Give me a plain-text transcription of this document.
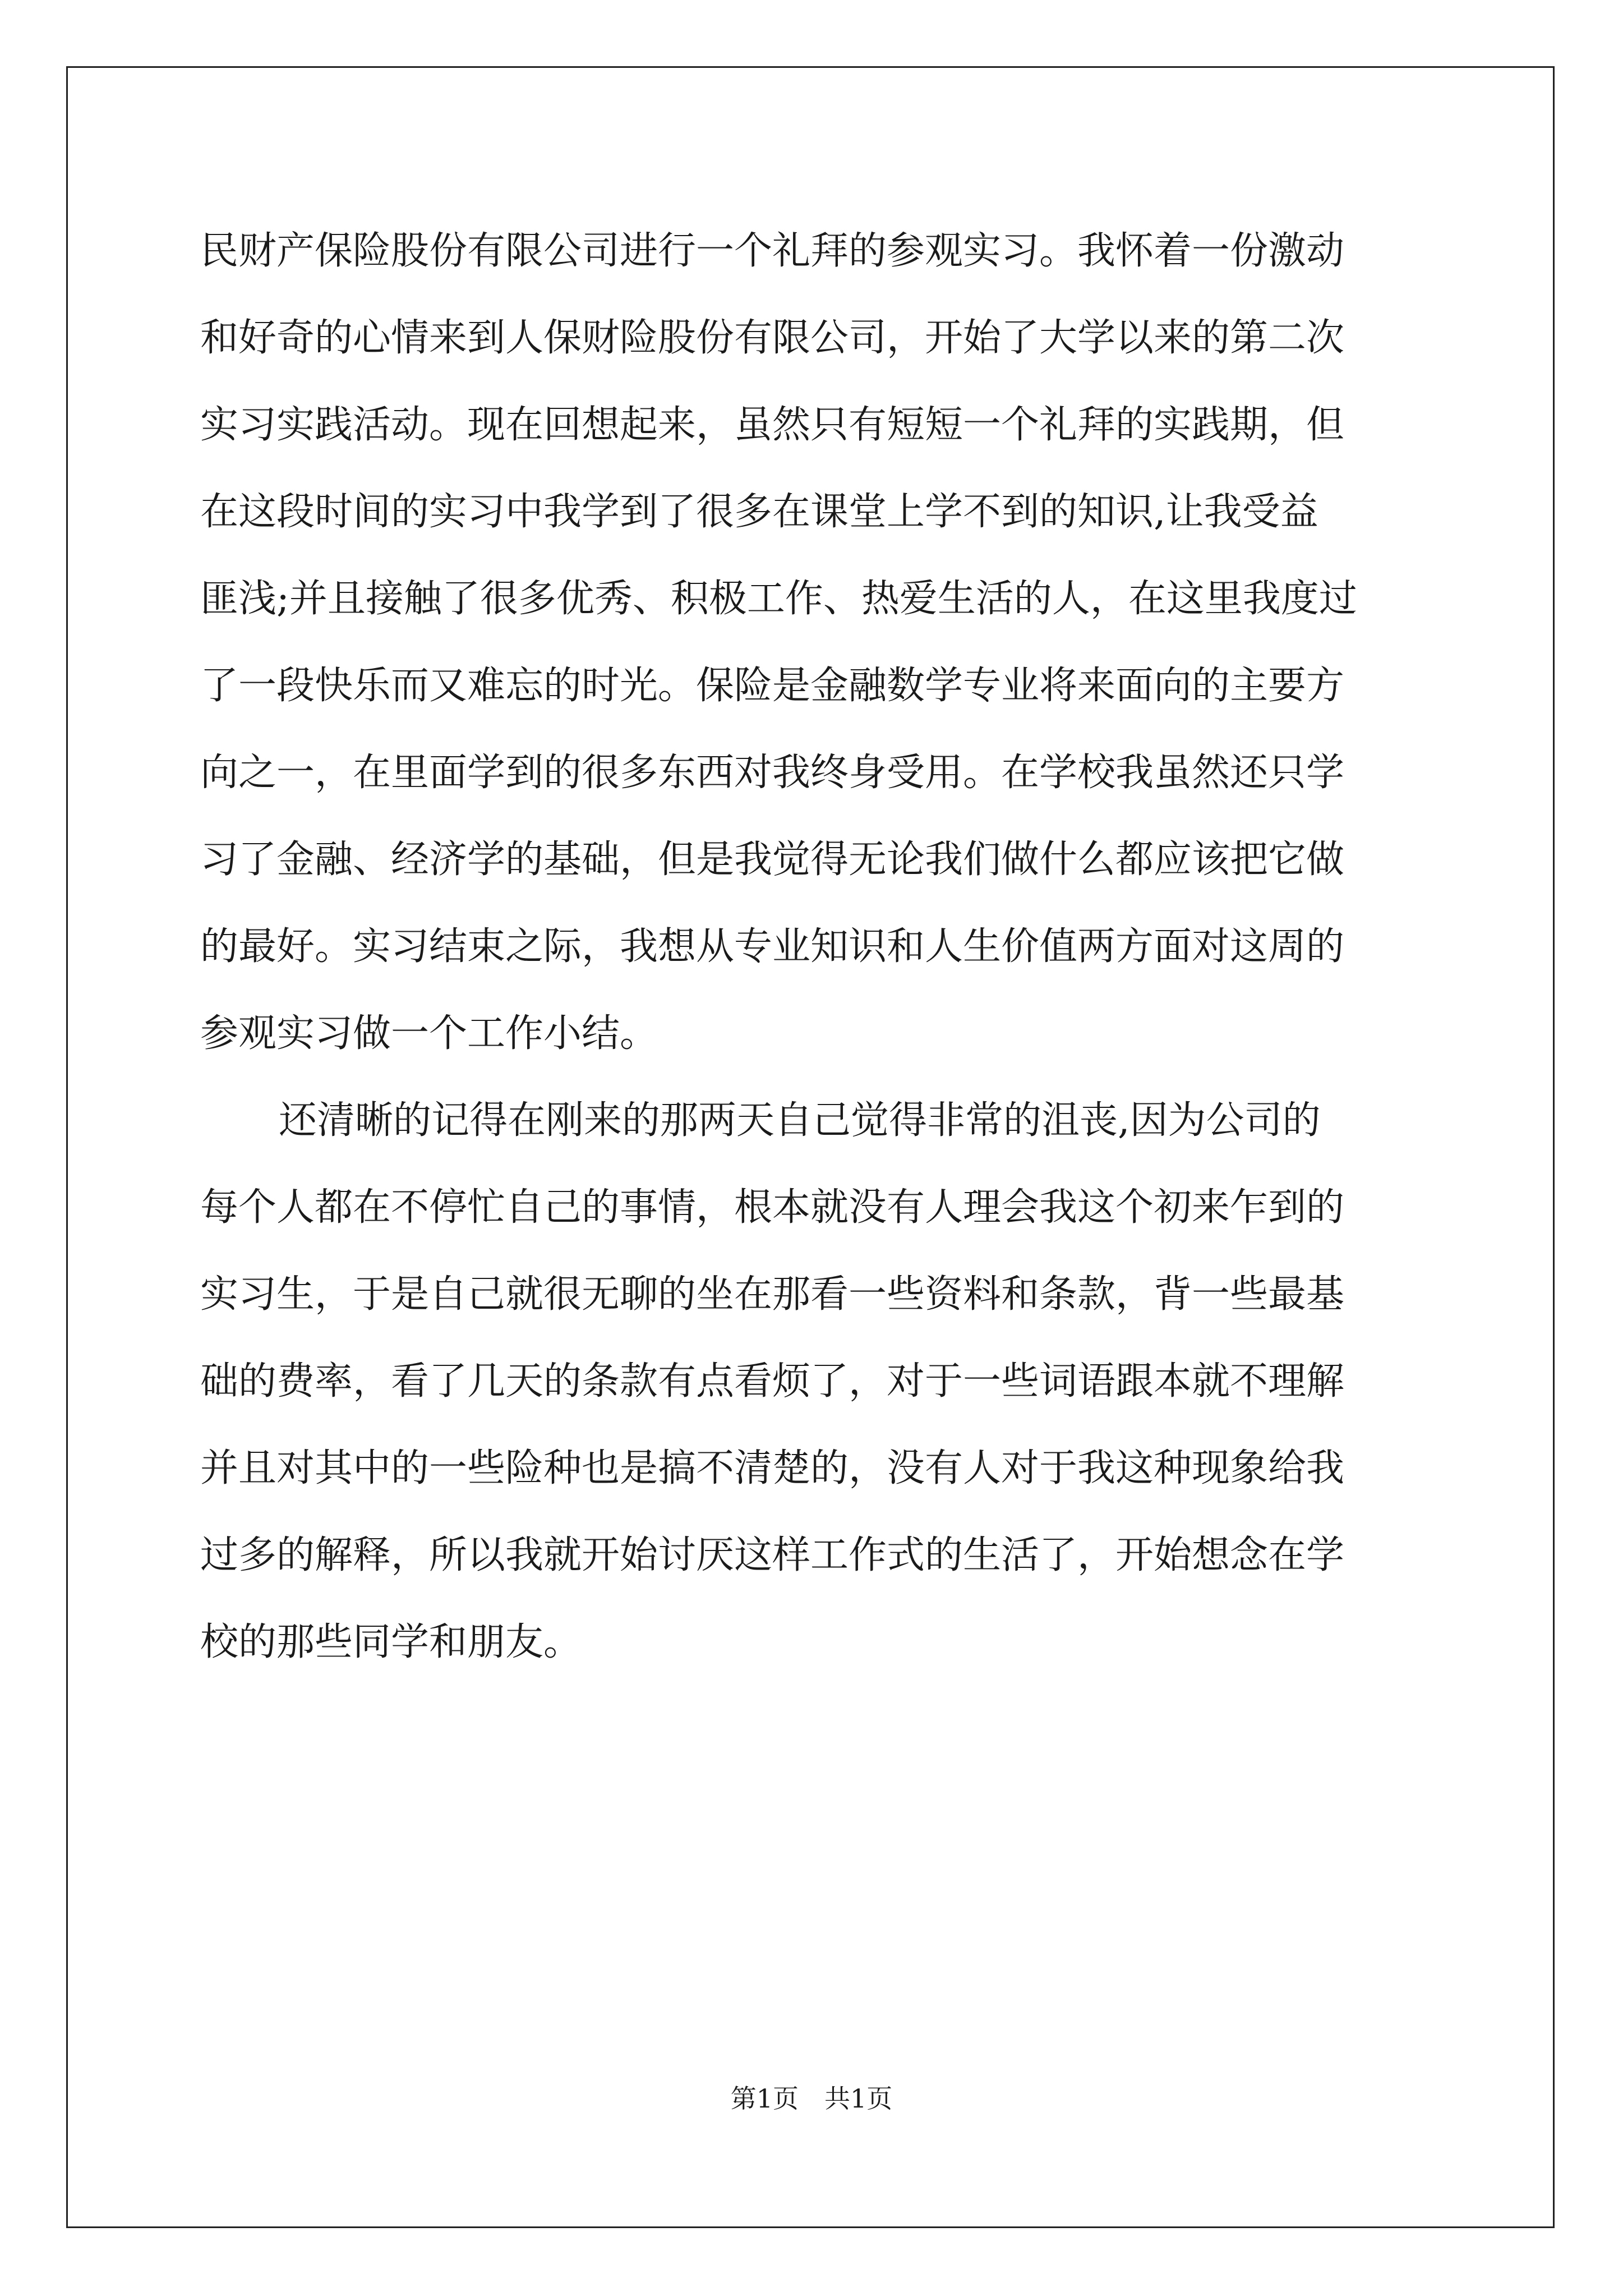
民财产保险股份有限公司进行一个礼拜的参观实习。我怀着一份激动
和好奇的心情来到人保财险股份有限公司，开始了大学以来的第二次
实习实践活动。现在回想起来，虽然只有短短一个礼拜的实践期，但
在这段时间的实习中我学到了很多在课堂上学不到的知识,让我受益
匪浅;并且接触了很多优秀、积极工作、热爱生活的人，在这里我度过
了一段快乐而又难忘的时光。保险是金融数学专业将来面向的主要方
向之一，在里面学到的很多东西对我终身受用。在学校我虽然还只学
习了金融、经济学的基础，但是我觉得无论我们做什么都应该把它做
的最好。实习结束之际，我想从专业知识和人生价值两方面对这周的
参观实习做一个工作小结。
还清晰的记得在刚来的那两天自己觉得非常的沮丧,因为公司的
每个人都在不停忙自己的事情，根本就没有人理会我这个初来乍到的
实习生，于是自己就很无聊的坐在那看一些资料和条款，背一些最基
础的费率，看了几天的条款有点看烦了，对于一些词语跟本就不理解
并且对其中的一些险种也是搞不清楚的，没有人对于我这种现象给我
过多的解释，所以我就开始讨厌这样工作式的生活了，开始想念在学
校的那些同学和朋友。
第1页　共1页
